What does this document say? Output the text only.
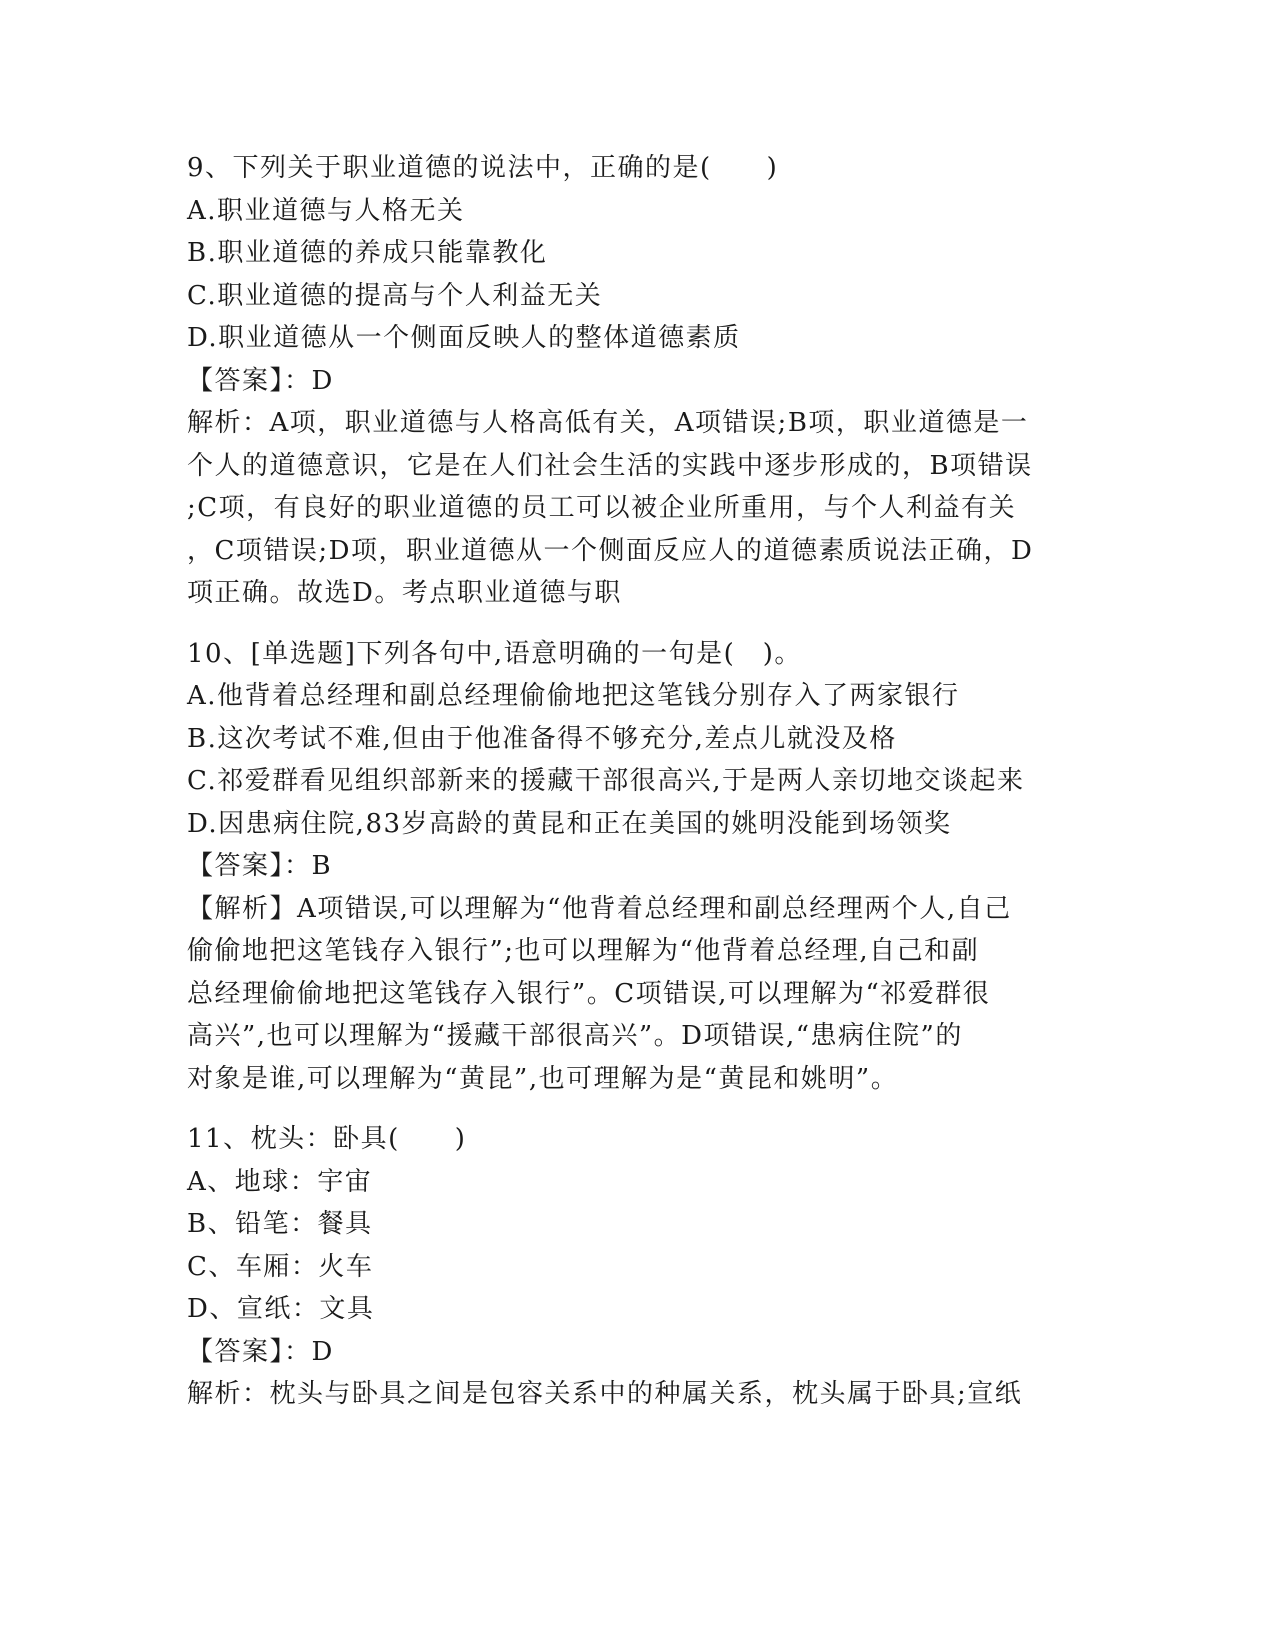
9、下列关于职业道德的说法中，正确的是(　　)
A.职业道德与人格无关
B.职业道德的养成只能靠教化
C.职业道德的提高与个人利益无关
D.职业道德从一个侧面反映人的整体道德素质
【答案】：D
解析：A项，职业道德与人格高低有关，A项错误;B项，职业道德是一
个人的道德意识，它是在人们社会生活的实践中逐步形成的，B项错误
;C项，有良好的职业道德的员工可以被企业所重用，与个人利益有关
，C项错误;D项，职业道德从一个侧面反应人的道德素质说法正确，D
项正确。故选D。考点职业道德与职
10、[单选题]下列各句中,语意明确的一句是(　)。
A.他背着总经理和副总经理偷偷地把这笔钱分别存入了两家银行
B.这次考试不难,但由于他准备得不够充分,差点儿就没及格
C.祁爱群看见组织部新来的援藏干部很高兴,于是两人亲切地交谈起来
D.因患病住院,83岁高龄的黄昆和正在美国的姚明没能到场领奖
【答案】：B
【解析】A项错误,可以理解为“他背着总经理和副总经理两个人,自己
偷偷地把这笔钱存入银行”;也可以理解为“他背着总经理,自己和副
总经理偷偷地把这笔钱存入银行”。C项错误,可以理解为“祁爱群很
高兴”,也可以理解为“援藏干部很高兴”。D项错误,“患病住院”的
对象是谁,可以理解为“黄昆”,也可理解为是“黄昆和姚明”。
11、枕头：卧具(　　)
A、地球：宇宙
B、铅笔：餐具
C、车厢：火车
D、宣纸：文具
【答案】：D
解析：枕头与卧具之间是包容关系中的种属关系，枕头属于卧具;宣纸
